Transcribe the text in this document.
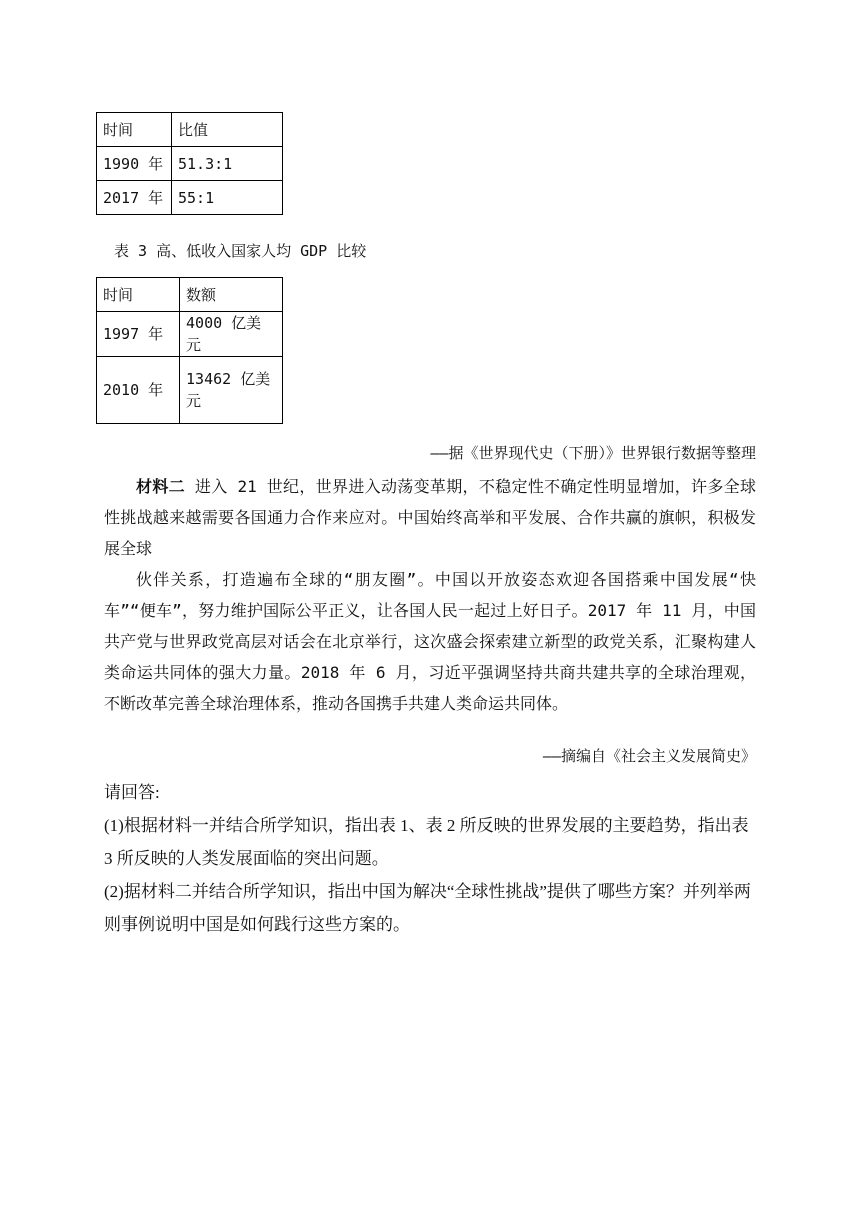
时间	比值
1990 年	51.3:1
2017 年	55:1
表 3 高、低收入国家人均 GDP 比较
时间	数额
1997 年	4000 亿美元
2010 年	13462 亿美元
——据《世界现代史（下册）》世界银行数据等整理

材料二 进入 21 世纪，世界进入动荡变革期，不稳定性不确定性明显增加，许多全球性挑战越来越需要各国通力合作来应对。中国始终高举和平发展、合作共赢的旗帜，积极发展全球

伙伴关系，打造遍布全球的“朋友圈”。中国以开放姿态欢迎各国搭乘中国发展“快车”“便车”，努力维护国际公平正义，让各国人民一起过上好日子。2017 年 11 月，中国共产党与世界政党高层对话会在北京举行，这次盛会探索建立新型的政党关系，汇聚构建人类命运共同体的强大力量。2018 年 6 月，习近平强调坚持共商共建共享的全球治理观，不断改革完善全球治理体系，推动各国携手共建人类命运共同体。

——摘编自《社会主义发展简史》

请回答:

(1)根据材料一并结合所学知识，指出表 1、表 2 所反映的世界发展的主要趋势，指出表 3 所反映的人类发展面临的突出问题。

(2)据材料二并结合所学知识，指出中国为解决“全球性挑战”提供了哪些方案？并列举两则事例说明中国是如何践行这些方案的。
